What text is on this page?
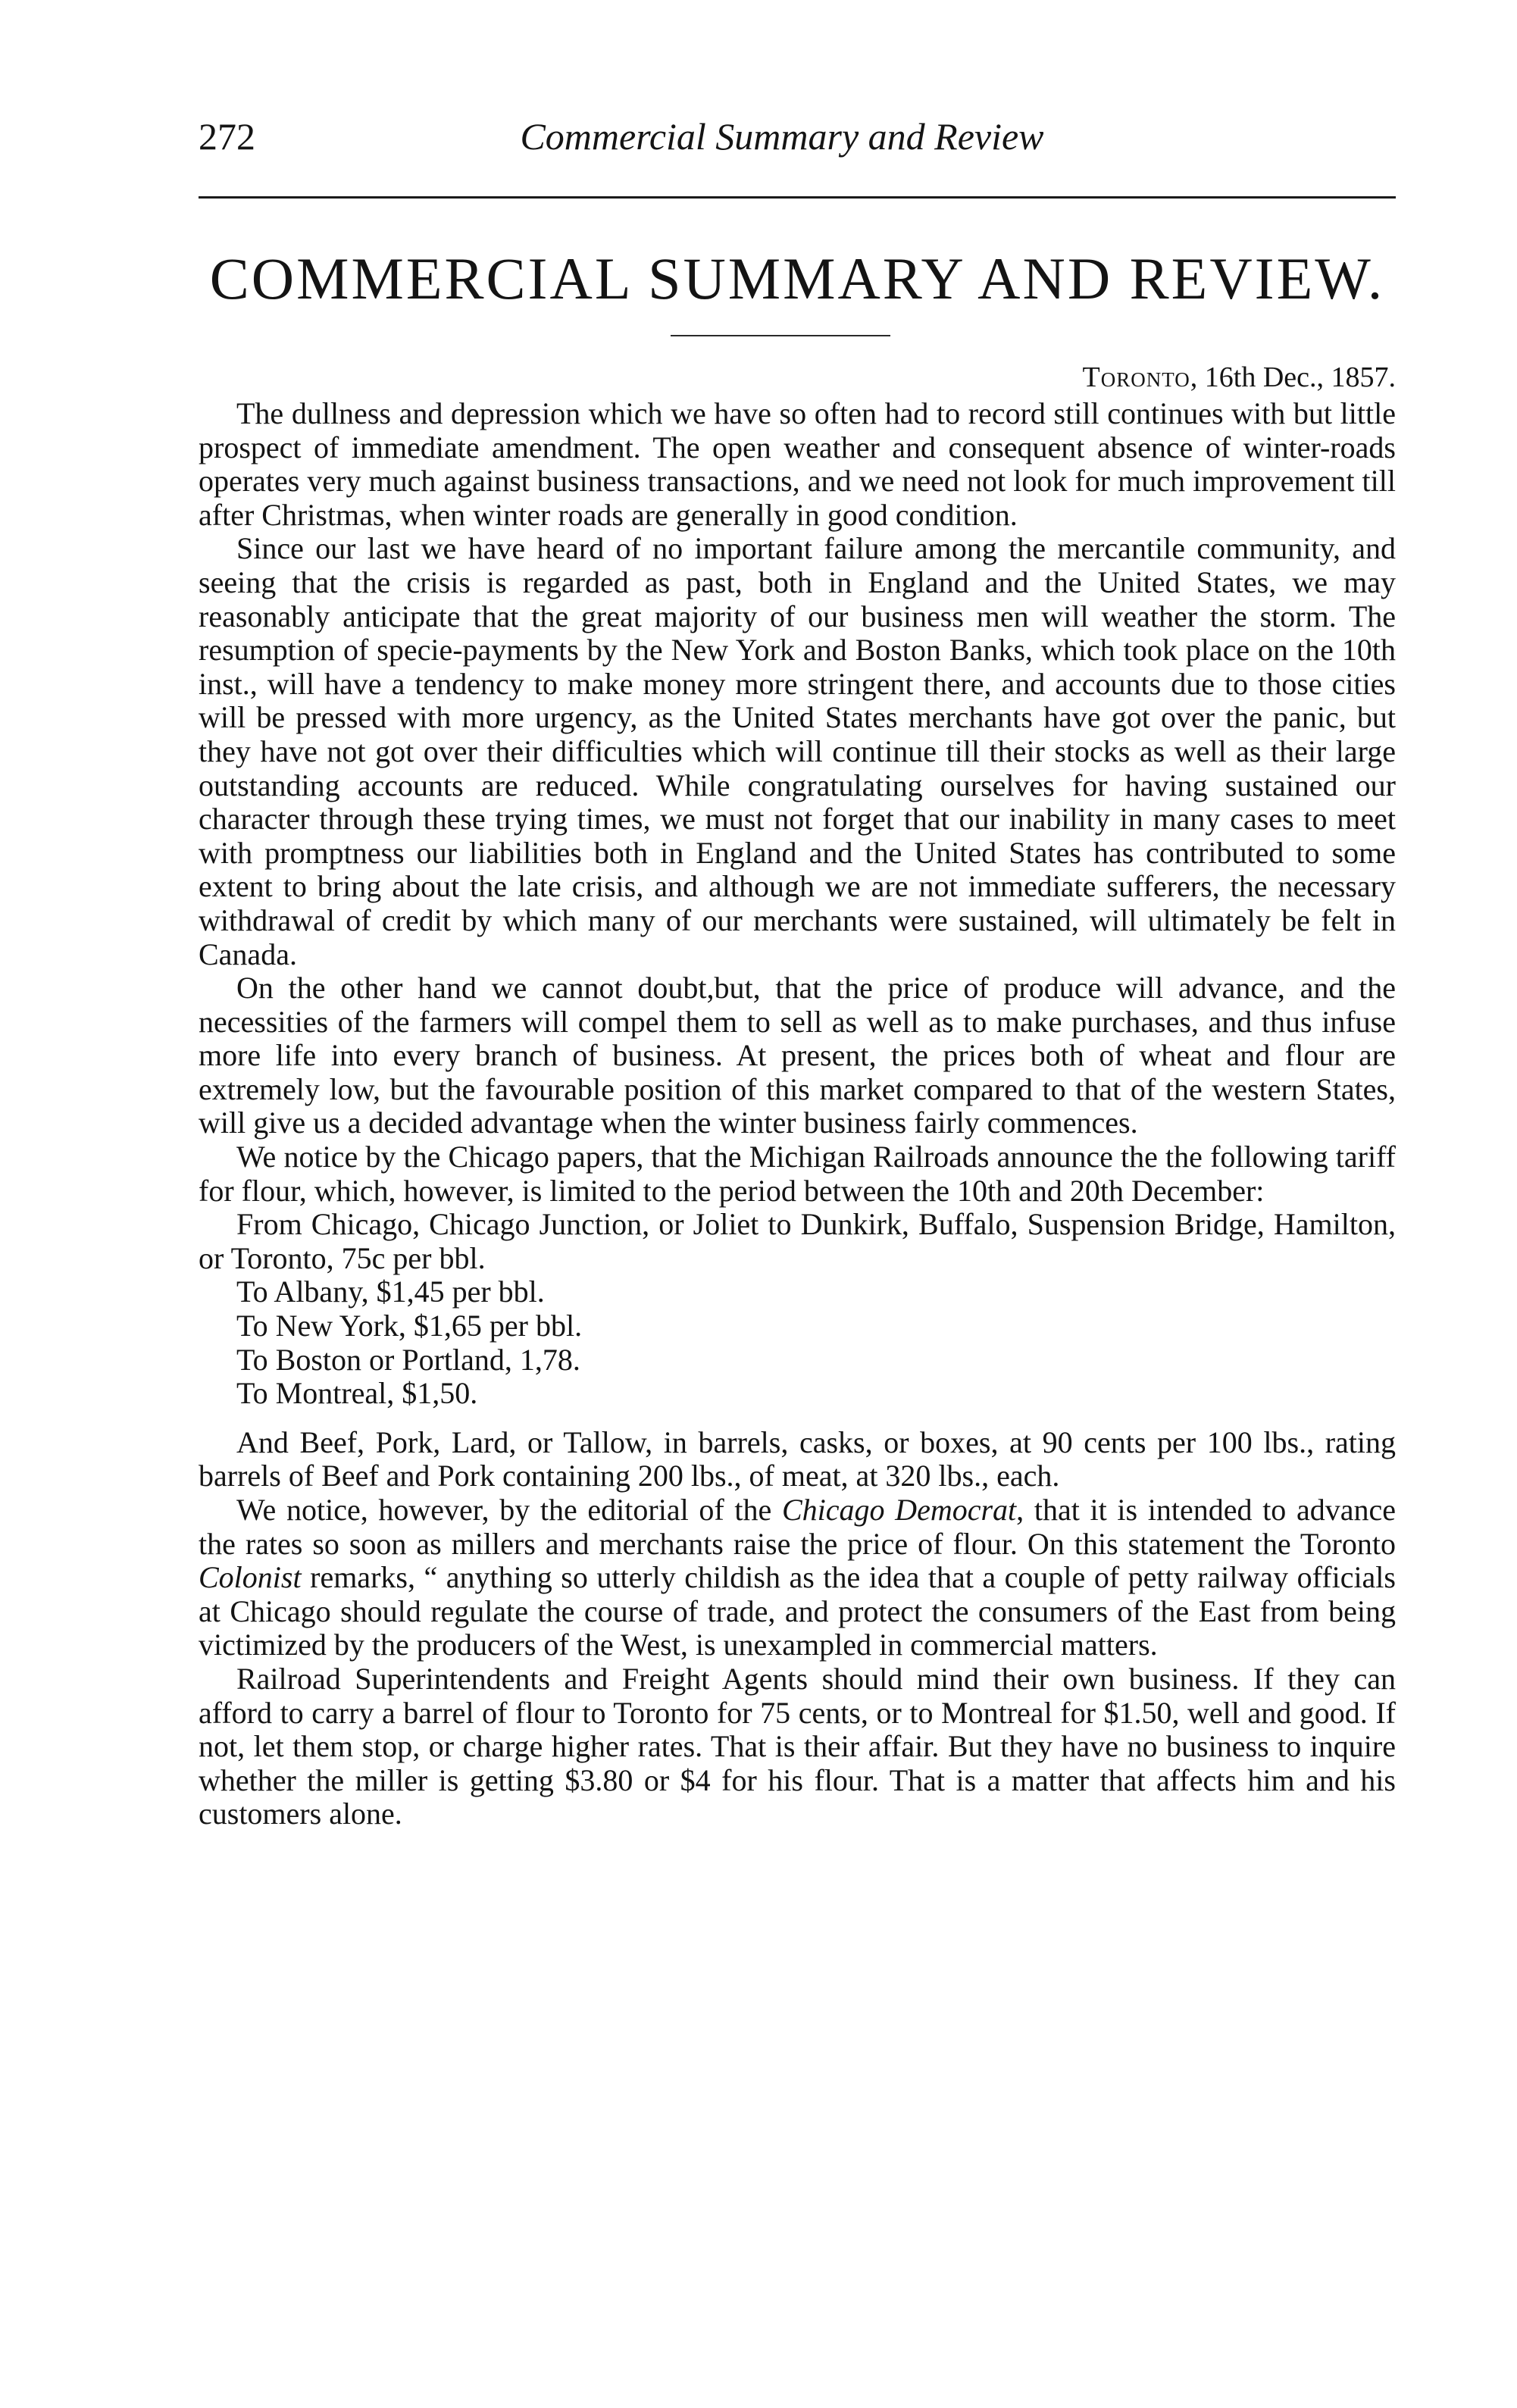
272	Commercial Summary and Review
COMMERCIAL SUMMARY AND REVIEW.
Toronto, 16th Dec., 1857.

The dullness and depression which we have so often had to record still continues with but little prospect of immediate amendment. The open weather and consequent absence of winter-roads operates very much against business transactions, and we need not look for much improvement till after Christmas, when winter roads are generally in good condition.

Since our last we have heard of no important failure among the mercantile community, and seeing that the crisis is regarded as past, both in England and the United States, we may reasonably anticipate that the great majority of our business men will weather the storm. The resumption of specie-payments by the New York and Boston Banks, which took place on the 10th inst., will have a tendency to make money more stringent there, and accounts due to those cities will be pressed with more urgency, as the United States merchants have got over the panic, but they have not got over their difficulties which will continue till their stocks as well as their large outstanding accounts are reduced. While congratulating ourselves for having sustained our character through these trying times, we must not forget that our inability in many cases to meet with promptness our liabilities both in England and the United States has contributed to some extent to bring about the late crisis, and although we are not immediate sufferers, the necessary withdrawal of credit by which many of our merchants were sustained, will ultimately be felt in Canada.

On the other hand we cannot doubt,but, that the price of produce will advance, and the necessities of the farmers will compel them to sell as well as to make purchases, and thus infuse more life into every branch of business. At present, the prices both of wheat and flour are extremely low, but the favourable position of this market compared to that of the western States, will give us a decided advantage when the winter business fairly commences.

We notice by the Chicago papers, that the Michigan Railroads announce the the following tariff for flour, which, however, is limited to the period between the 10th and 20th December:

From Chicago, Chicago Junction, or Joliet to Dunkirk, Buffalo, Suspension Bridge, Hamilton, or Toronto, 75c per bbl.

To Albany, $1,45 per bbl.

To New York, $1,65 per bbl.

To Boston or Portland, 1,78.

To Montreal, $1,50.

And Beef, Pork, Lard, or Tallow, in barrels, casks, or boxes, at 90 cents per 100 lbs., rating barrels of Beef and Pork containing 200 lbs., of meat, at 320 lbs., each.

We notice, however, by the editorial of the Chicago Democrat, that it is intended to advance the rates so soon as millers and merchants raise the price of flour. On this statement the Toronto Colonist remarks, “ anything so utterly childish as the idea that a couple of petty railway officials at Chicago should regulate the course of trade, and protect the consumers of the East from being victimized by the producers of the West, is unexampled in commercial matters.

Railroad Superintendents and Freight Agents should mind their own business. If they can afford to carry a barrel of flour to Toronto for 75 cents, or to Montreal for $1.50, well and good. If not, let them stop, or charge higher rates. That is their affair. But they have no business to inquire whether the miller is getting $3.80 or $4 for his flour. That is a matter that affects him and his customers alone.
